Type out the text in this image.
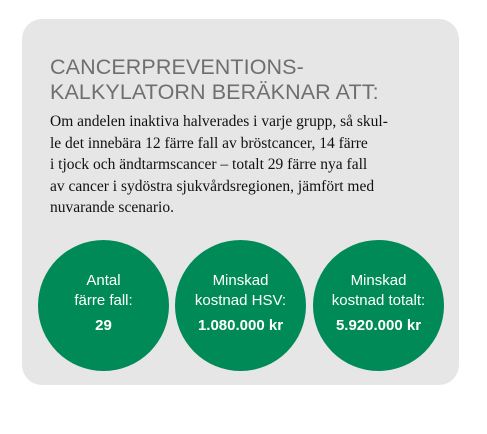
CANCERPREVENTIONS-
KALKYLATORN BERÄKNAR ATT:

Om andelen inaktiva halverades i varje grupp, så skul-
le det innebära 12 färre fall av bröstcancer, 14 färre
i tjock och ändtarmscancer – totalt 29 färre nya fall
av cancer i sydöstra sjukvårdsregionen, jämfört med
nuvarande scenario.

Antal
färre fall:
29
Minskad
kostnad HSV:
1.080.000 kr
Minskad
kostnad totalt:
5.920.000 kr
